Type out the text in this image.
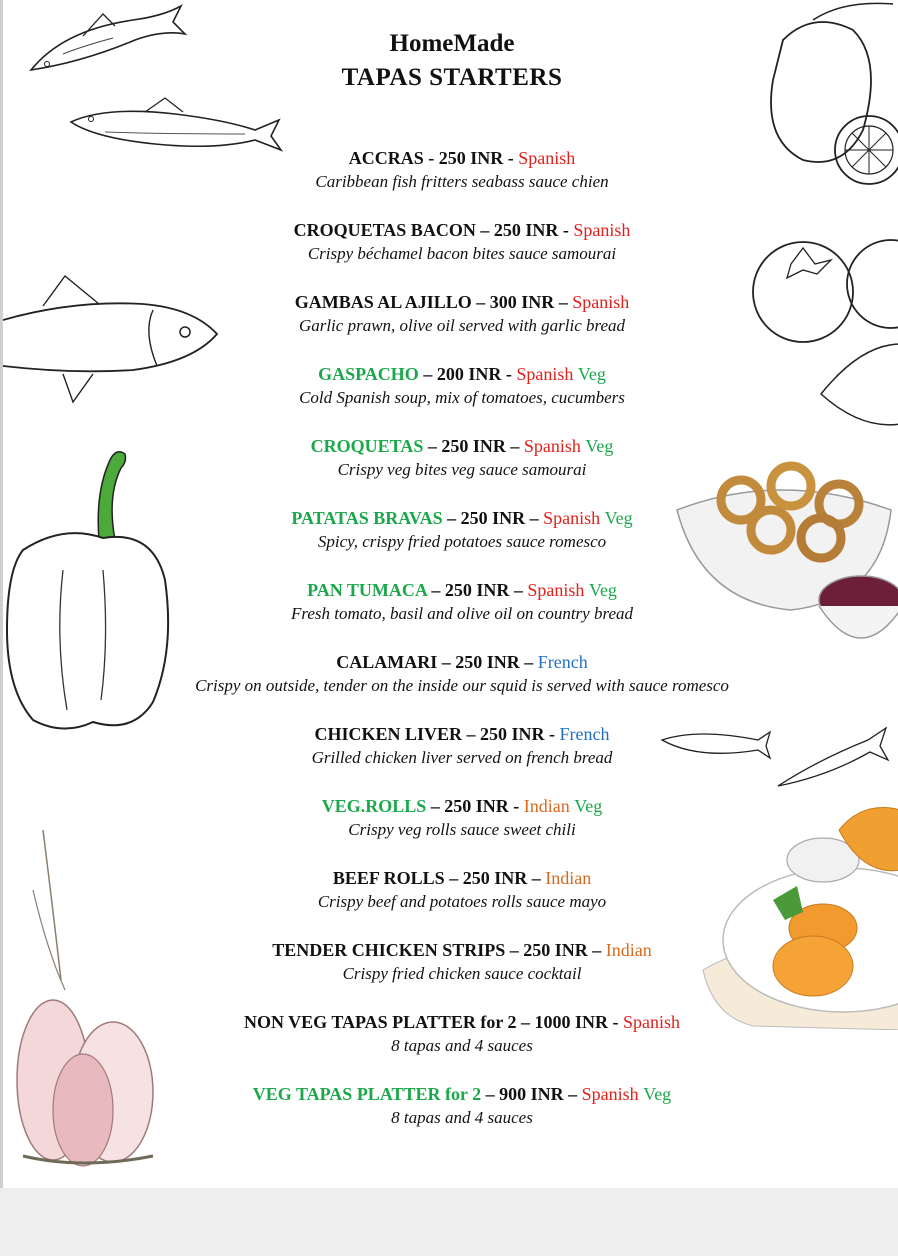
HomeMade
TAPAS STARTERS
ACCRAS - 250 INR - Spanish
Caribbean fish fritters seabass sauce chien
CROQUETAS BACON – 250 INR - Spanish
Crispy béchamel bacon bites sauce samourai
GAMBAS AL AJILLO – 300 INR – Spanish
Garlic prawn, olive oil served with garlic bread
GASPACHO – 200 INR - Spanish Veg
Cold Spanish soup, mix of tomatoes, cucumbers
CROQUETAS – 250 INR – Spanish Veg
Crispy veg bites veg sauce samourai
PATATAS BRAVAS – 250 INR – Spanish Veg
Spicy, crispy fried potatoes sauce romesco
PAN TUMACA – 250 INR – Spanish Veg
Fresh tomato, basil and olive oil on country bread
CALAMARI – 250 INR – French
Crispy on outside, tender on the inside our squid is served with sauce romesco
CHICKEN LIVER – 250 INR - French
Grilled chicken liver served on french bread
VEG.ROLLS – 250 INR - Indian Veg
Crispy veg rolls sauce sweet chili
BEEF ROLLS – 250 INR – Indian
Crispy beef and potatoes rolls sauce mayo
TENDER CHICKEN STRIPS – 250 INR – Indian
Crispy fried chicken sauce cocktail
NON VEG TAPAS PLATTER for 2 – 1000 INR - Spanish
8 tapas and 4 sauces
VEG TAPAS PLATTER for 2 – 900 INR – Spanish Veg
8 tapas and 4 sauces
